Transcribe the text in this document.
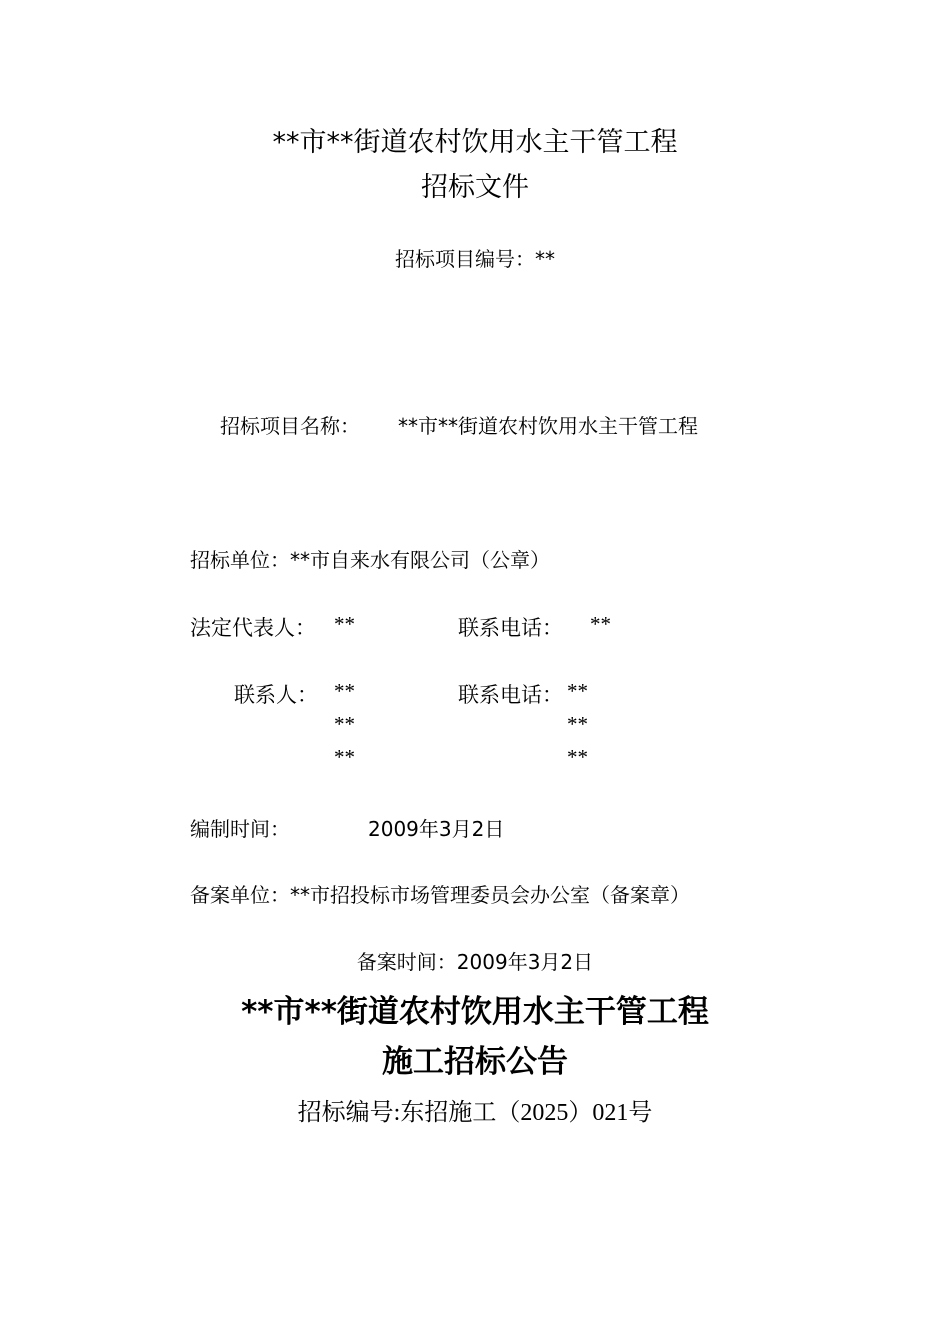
**市**街道农村饮用水主干管工程
招标文件
招标项目编号：**
招标项目名称： **市**街道农村饮用水主干管工程
招标单位：**市自来水有限公司（公章）
法定代表人： **	联系电话： **
联系人： **	联系电话： **
**	**
**	**
编制时间：	2009年3月2日
备案单位：**市招投标市场管理委员会办公室（备案章）
备案时间：2009年3月2日
**市**街道农村饮用水主干管工程
施工招标公告
招标编号:东招施工（2025）021号
